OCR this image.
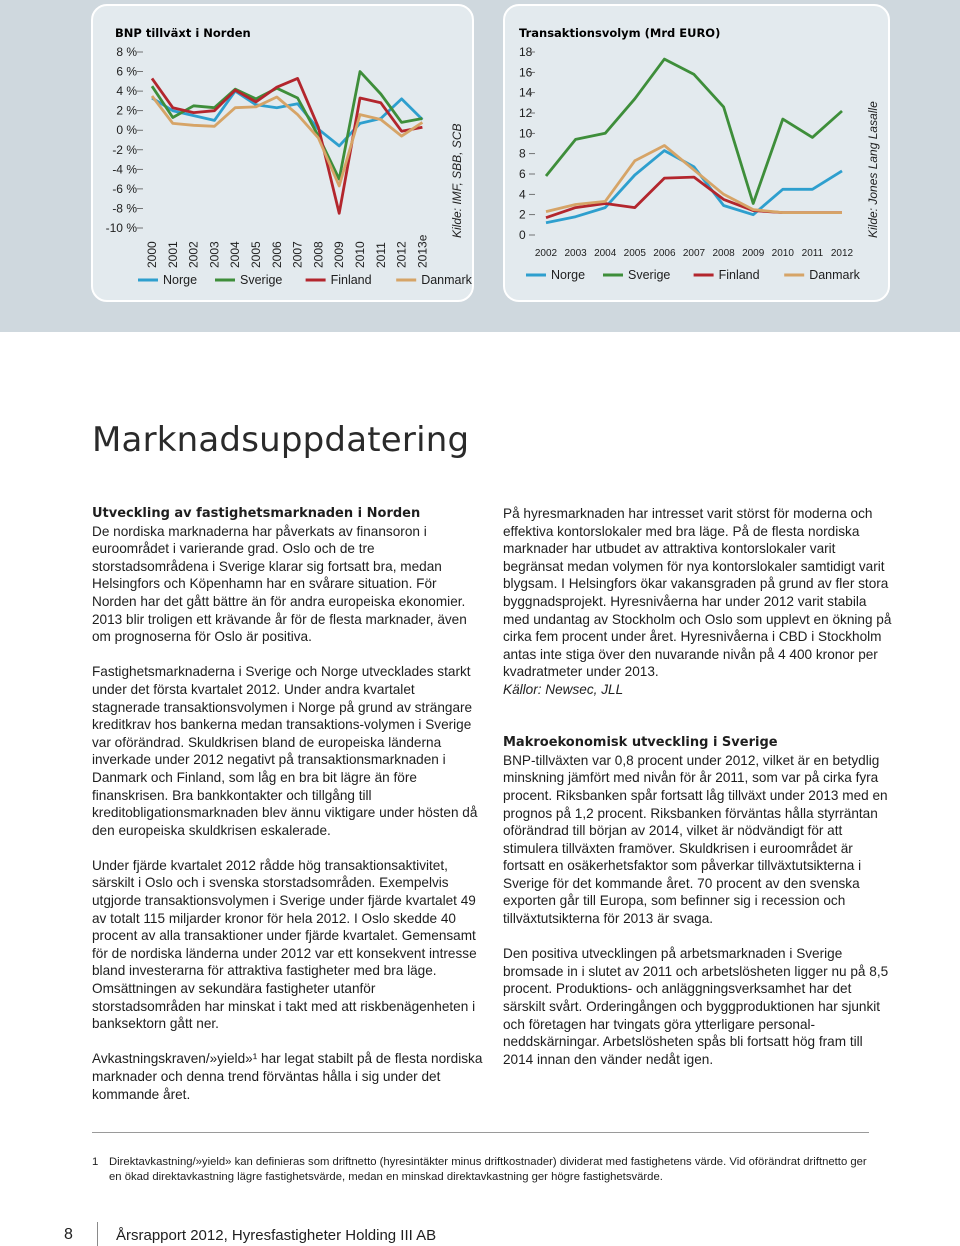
BNP tillväxt i Norden
8 %
6 %
4 %
2 %
0 %
-2 %
-4 %
-6 %
-8 %
-10 %
2000 2001 2002 2003 2004 2005 2006 2007 2008 2009 2010 2011 2012 2013e
Norge	Sverige	Finland	Danmark
Kilde: IMF, SBB, SCB
Transaktionsvolym (Mrd EURO)
18
16
14
12
10
8
6
4
2
0
2002 2003 2004 2005 2006 2007 2008 2009 2010 2011 2012
Norge	Sverige	Finland	Danmark
Kilde: Jones Lang Lasalle
Marknadsuppdatering
Utveckling av fastighetsmarknaden i Norden

De nordiska marknaderna har påverkats av finansoron i euroområdet i varierande grad. Oslo och de tre storstadsområdena i Sverige klarar sig fortsatt bra, medan Helsingfors och Köpenhamn har en svårare situation. För Norden har det gått bättre än för andra europeiska ekonomier. 2013 blir troligen ett krävande år för de flesta marknader, även om prognoserna för Oslo är positiva.

Fastighetsmarknaderna i Sverige och Norge utvecklades starkt under det första kvartalet 2012. Under andra kvartalet stagnerade transaktionsvolymen i Norge på grund av strängare kreditkrav hos bankerna medan transaktions-volymen i Sverige var oförändrad. Skuldkrisen bland de europeiska länderna inverkade under 2012 negativt på transaktionsmarknaden i Danmark och Finland, som låg en bra bit lägre än före finanskrisen. Bra bankkontakter och tillgång till kreditobligationsmarknaden blev ännu viktigare under hösten då den europeiska skuldkrisen eskalerade.

Under fjärde kvartalet 2012 rådde hög transaktionsaktivitet, särskilt i Oslo och i svenska storstadsområden. Exempelvis utgjorde transaktionsvolymen i Sverige under fjärde kvartalet 49 av totalt 115 miljarder kronor för hela 2012. I Oslo skedde 40 procent av alla transaktioner under fjärde kvartalet. Gemensamt för de nordiska länderna under 2012 var ett konsekvent intresse bland investerarna för attraktiva fastigheter med bra läge. Omsättningen av sekundära fastigheter utanför storstadsområden har minskat i takt med att riskbenägenheten i banksektorn gått ner.

Avkastningskraven/»yield»¹ har legat stabilt på de flesta nordiska marknader och denna trend förväntas hålla i sig under det kommande året.

På hyresmarknaden har intresset varit störst för moderna och effektiva kontorslokaler med bra läge. På de flesta nordiska marknader har utbudet av attraktiva kontorslokaler varit begränsat medan volymen för nya kontorslokaler samtidigt varit blygsam. I Helsingfors ökar vakansgraden på grund av fler stora byggnadsprojekt. Hyresnivåerna har under 2012 varit stabila med undantag av Stockholm och Oslo som upplevt en ökning på cirka fem procent under året. Hyresnivåerna i CBD i Stockholm antas inte stiga över den nuvarande nivån på 4 400 kronor per kvadratmeter under 2013.

Källor: Newsec, JLL

Makroekonomisk utveckling i Sverige

BNP-tillväxten var 0,8 procent under 2012, vilket är en betydlig minskning jämfört med nivån för år 2011, som var på cirka fyra procent. Riksbanken spår fortsatt låg tillväxt under 2013 med en prognos på 1,2 procent. Riksbanken förväntas hålla styrräntan oförändrad till början av 2014, vilket är nödvändigt för att stimulera tillväxten framöver. Skuldkrisen i euroområdet är fortsatt en osäkerhetsfaktor som påverkar tillväxtutsikterna i Sverige för det kommande året. 70 procent av den svenska exporten går till Europa, som befinner sig i recession och tillväxtutsikterna för 2013 är svaga.

Den positiva utvecklingen på arbetsmarknaden i Sverige bromsade in i slutet av 2011 och arbetslösheten ligger nu på 8,5 procent. Produktions- och anläggningsverksamhet har det särskilt svårt. Orderingången och byggproduktionen har sjunkit och företagen har tvingats göra ytterligare personal-neddskärningar. Arbetslösheten spås bli fortsatt hög fram till 2014 innan den vänder nedåt igen.

1 Direktavkastning/»yield» kan definieras som driftnetto (hyresintäkter minus driftkostnader) dividerat med fastighetens värde. Vid oförändrat driftnetto ger en ökad direktavkastning lägre fastighetsvärde, medan en minskad direktavkastning ger högre fastighetsvärde.
8	Årsrapport 2012, Hyresfastigheter Holding III AB
